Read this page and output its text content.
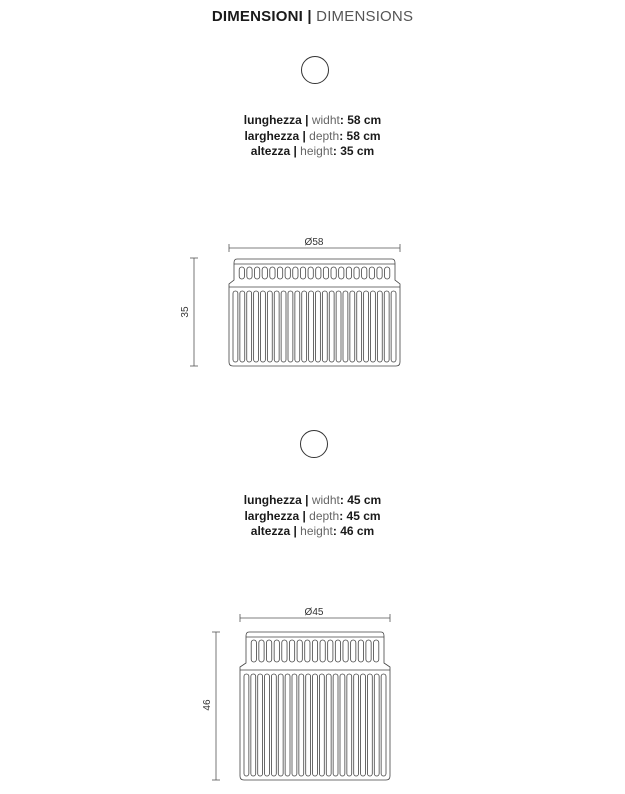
DIMENSIONI | DIMENSIONS
lunghezza | widht: 58 cm
larghezza | depth: 58 cm
altezza | height: 35 cm
lunghezza | widht: 45 cm
larghezza | depth: 45 cm
altezza | height: 46 cm
Ø58
35
Ø45
46
